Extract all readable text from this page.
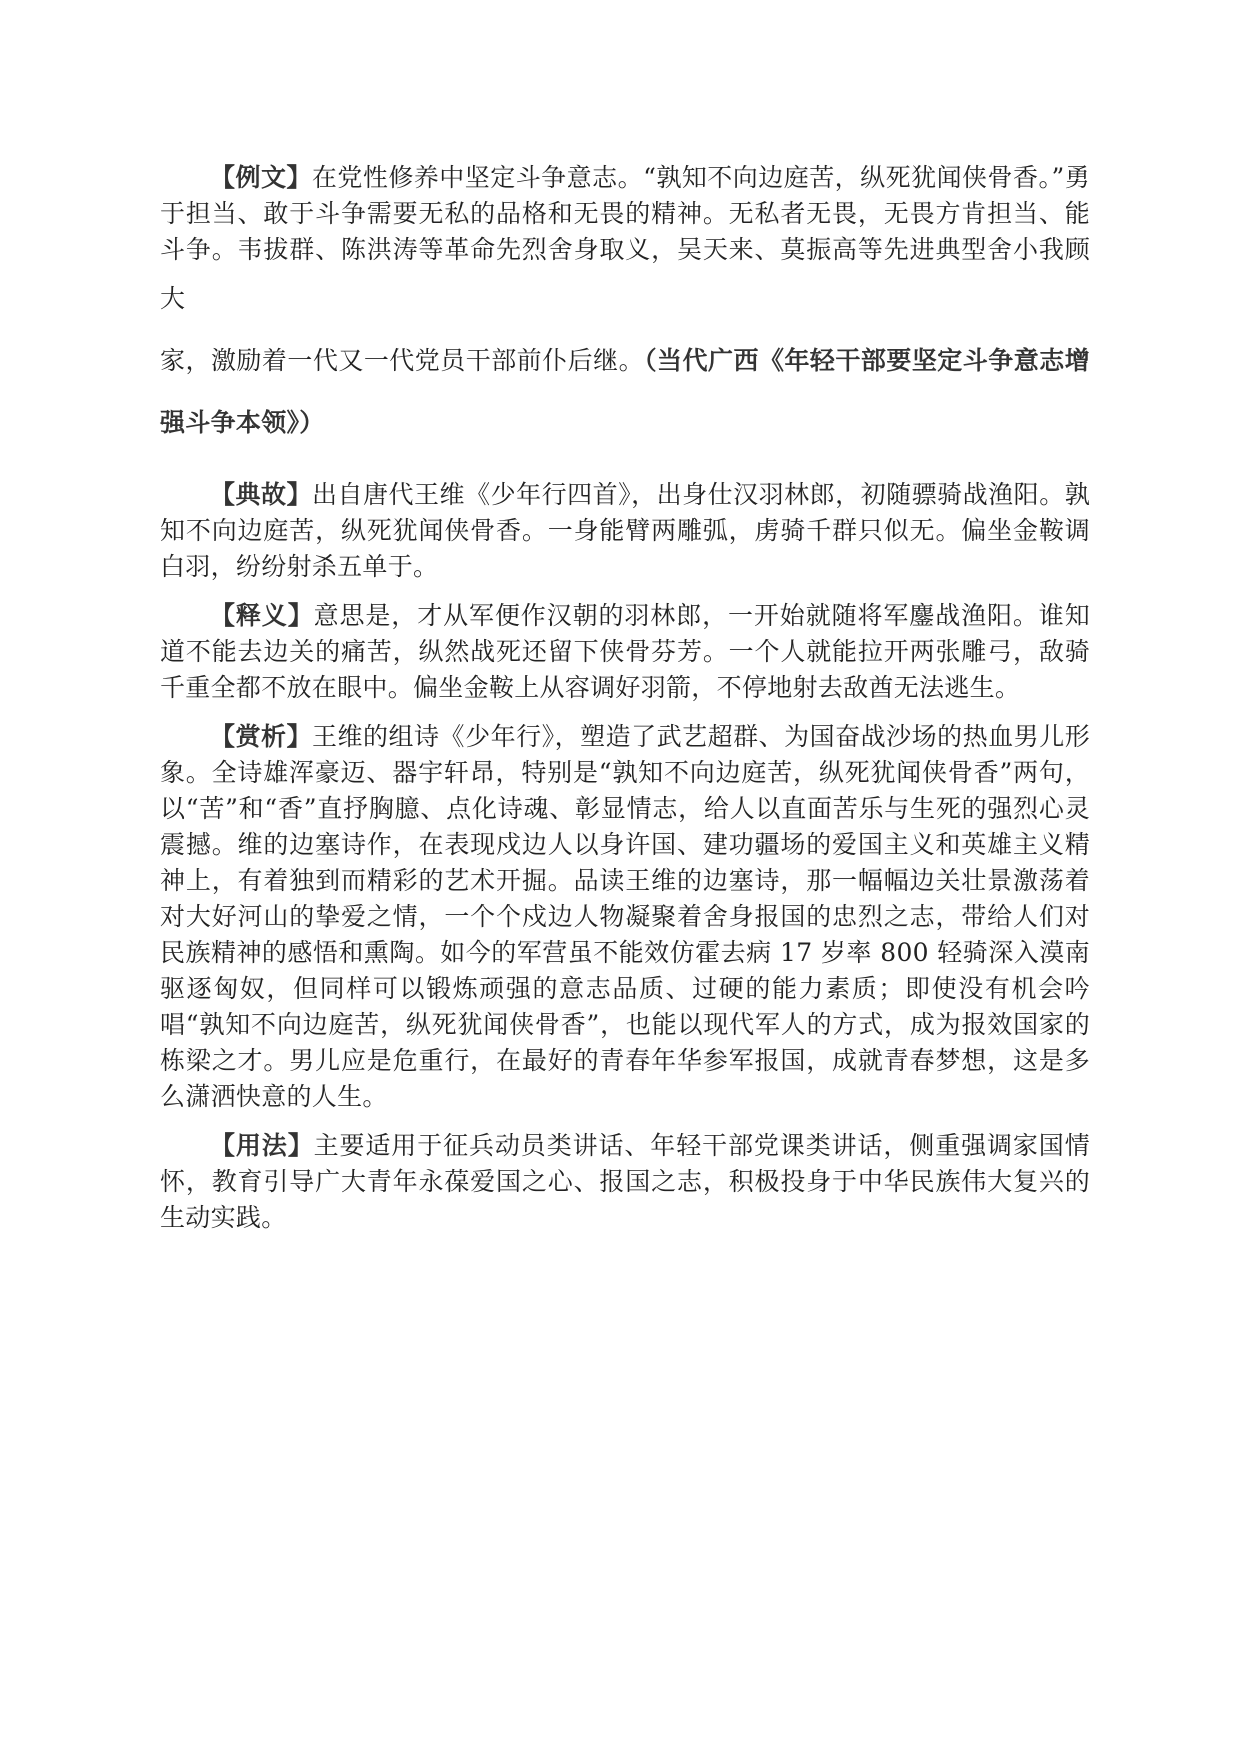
【例文】在党性修养中坚定斗争意志。“孰知不向边庭苦，纵死犹闻侠骨香。”勇于担当、敢于斗争需要无私的品格和无畏的精神。无私者无畏，无畏方肯担当、能斗争。韦拔群、陈洪涛等革命先烈舍身取义，吴天来、莫振高等先进典型舍小我顾大
家，激励着一代又一代党员干部前仆后继。（当代广西《年轻干部要坚定斗争意志增强斗争本领》）

【典故】出自唐代王维《少年行四首》，出身仕汉羽林郎，初随骠骑战渔阳。孰知不向边庭苦，纵死犹闻侠骨香。一身能臂两雕弧，虏骑千群只似无。偏坐金鞍调白羽，纷纷射杀五单于。

【释义】意思是，才从军便作汉朝的羽林郎，一开始就随将军鏖战渔阳。谁知道不能去边关的痛苦，纵然战死还留下侠骨芬芳。一个人就能拉开两张雕弓，敌骑千重全都不放在眼中。偏坐金鞍上从容调好羽箭，不停地射去敌酋无法逃生。

【赏析】王维的组诗《少年行》，塑造了武艺超群、为国奋战沙场的热血男儿形象。全诗雄浑豪迈、器宇轩昂，特别是“孰知不向边庭苦，纵死犹闻侠骨香”两句，以“苦”和“香”直抒胸臆、点化诗魂、彰显情志，给人以直面苦乐与生死的强烈心灵震撼。维的边塞诗作，在表现戍边人以身许国、建功疆场的爱国主义和英雄主义精神上，有着独到而精彩的艺术开掘。品读王维的边塞诗，那一幅幅边关壮景激荡着对大好河山的挚爱之情，一个个戍边人物凝聚着舍身报国的忠烈之志，带给人们对民族精神的感悟和熏陶。如今的军营虽不能效仿霍去病 17 岁率 800 轻骑深入漠南驱逐匈奴，但同样可以锻炼顽强的意志品质、过硬的能力素质；即使没有机会吟唱“孰知不向边庭苦，纵死犹闻侠骨香”，也能以现代军人的方式，成为报效国家的栋梁之才。男儿应是危重行，在最好的青春年华参军报国，成就青春梦想，这是多么潇洒快意的人生。

【用法】主要适用于征兵动员类讲话、年轻干部党课类讲话，侧重强调家国情怀，教育引导广大青年永葆爱国之心、报国之志，积极投身于中华民族伟大复兴的生动实践。
